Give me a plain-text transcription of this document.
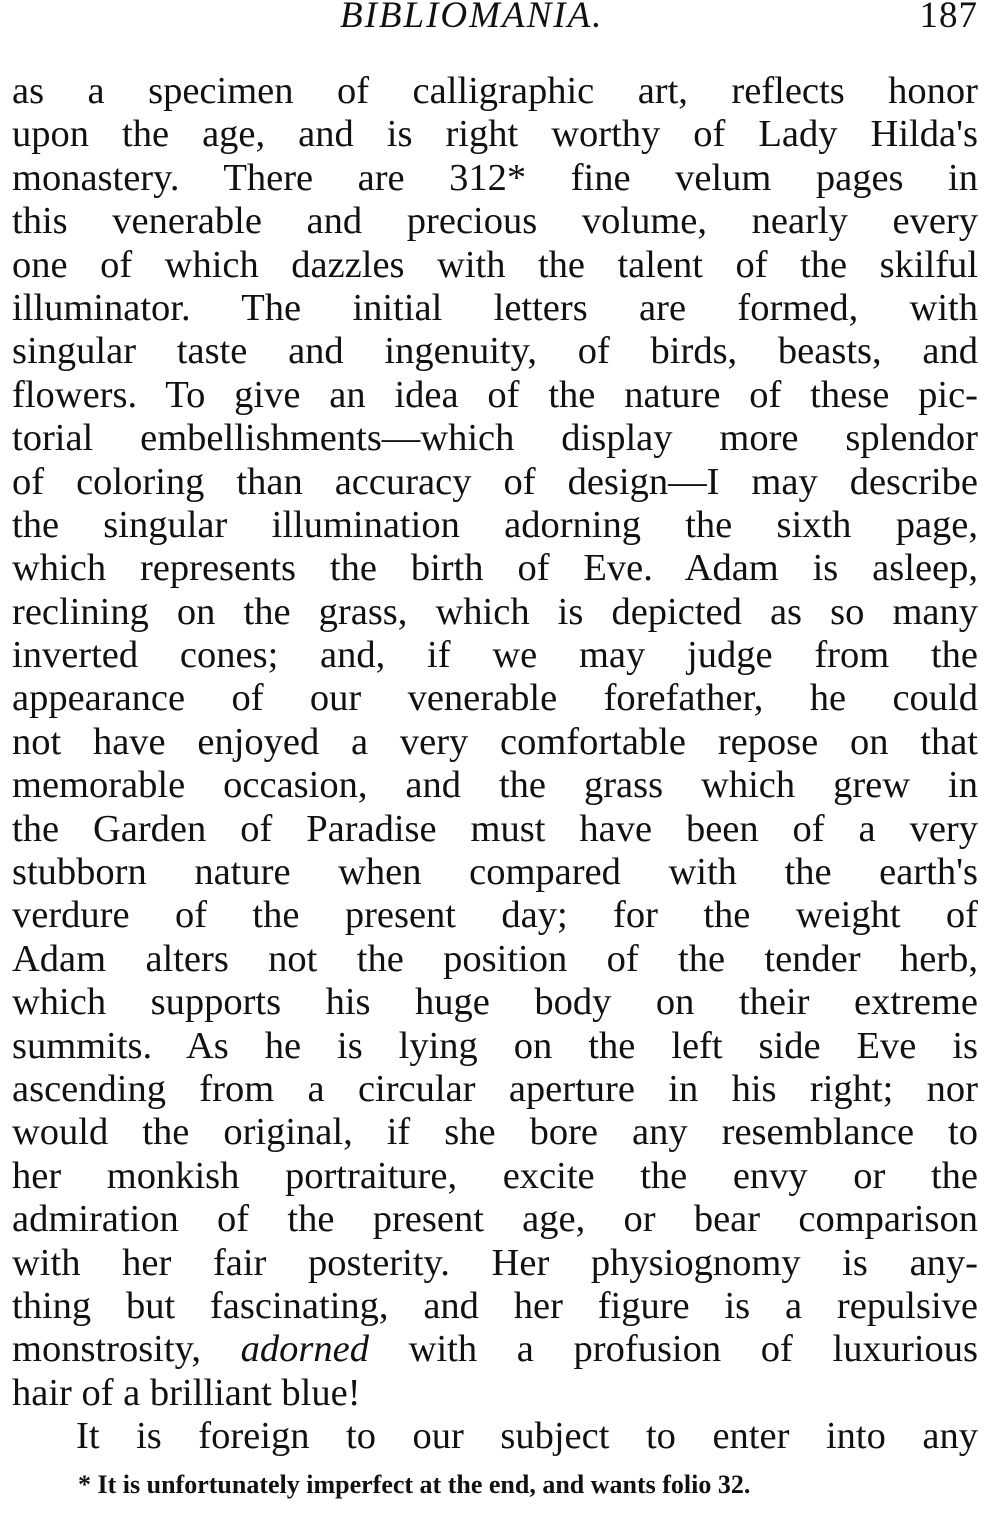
BIBLIOMANIA.	187
as a specimen of calligraphic art, reflects honor
upon the age, and is right worthy of Lady Hilda's
monastery. There are 312* fine velum pages in
this venerable and precious volume, nearly every
one of which dazzles with the talent of the skilful
illuminator. The initial letters are formed, with
singular taste and ingenuity, of birds, beasts, and
flowers. To give an idea of the nature of these pic-
torial embellishments—which display more splendor
of coloring than accuracy of design—I may describe
the singular illumination adorning the sixth page,
which represents the birth of Eve. Adam is asleep,
reclining on the grass, which is depicted as so many
inverted cones; and, if we may judge from the
appearance of our venerable forefather, he could
not have enjoyed a very comfortable repose on that
memorable occasion, and the grass which grew in
the Garden of Paradise must have been of a very
stubborn nature when compared with the earth's
verdure of the present day; for the weight of
Adam alters not the position of the tender herb,
which supports his huge body on their extreme
summits. As he is lying on the left side Eve is
ascending from a circular aperture in his right; nor
would the original, if she bore any resemblance to
her monkish portraiture, excite the envy or the
admiration of the present age, or bear comparison
with her fair posterity. Her physiognomy is any-
thing but fascinating, and her figure is a repulsive
monstrosity, adorned with a profusion of luxurious
hair of a brilliant blue!
It is foreign to our subject to enter into any
* It is unfortunately imperfect at the end, and wants folio 32.
